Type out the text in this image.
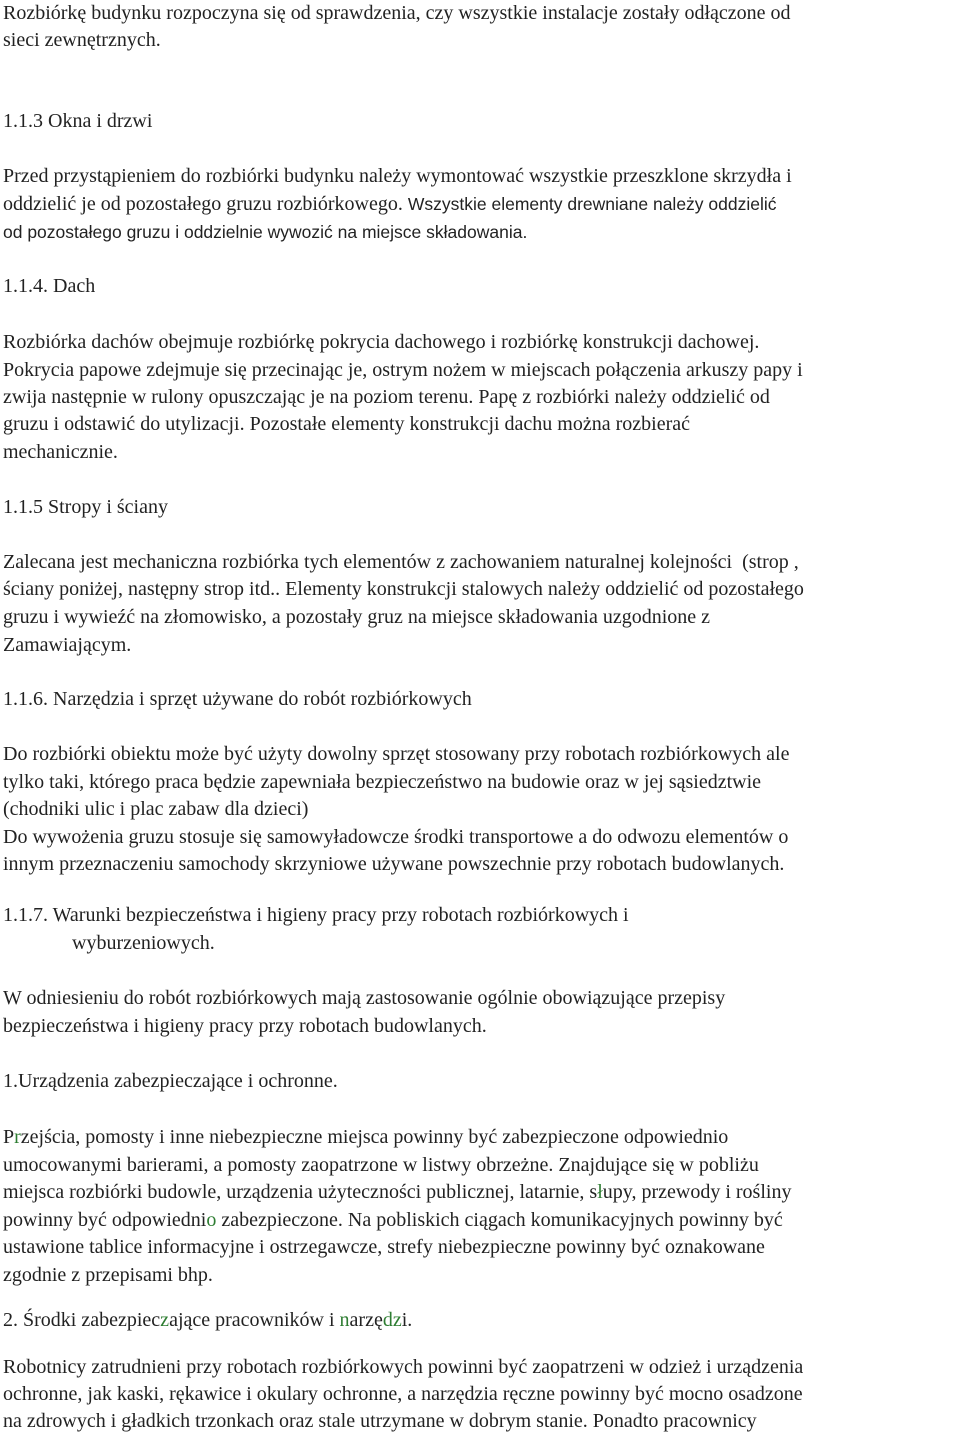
Rozbiórkę budynku rozpoczyna się od sprawdzenia, czy wszystkie instalacje zostały odłączone od
sieci zewnętrznych.
1.1.3 Okna i drzwi
Przed przystąpieniem do rozbiórki budynku należy wymontować wszystkie przeszklone skrzydła i
oddzielić je od pozostałego gruzu rozbiórkowego. Wszystkie elementy drewniane należy oddzielić
od pozostałego gruzu i oddzielnie wywozić na miejsce składowania.
1.1.4. Dach
Rozbiórka dachów obejmuje rozbiórkę pokrycia dachowego i rozbiórkę konstrukcji dachowej.
Pokrycia papowe zdejmuje się przecinając je, ostrym nożem w miejscach połączenia arkuszy papy i
zwija następnie w rulony opuszczając je na poziom terenu. Papę z rozbiórki należy oddzielić od
gruzu i odstawić do utylizacji. Pozostałe elementy konstrukcji dachu można rozbierać
mechanicznie.
1.1.5 Stropy i ściany
Zalecana jest mechaniczna rozbiórka tych elementów z zachowaniem naturalnej kolejności  (strop ,
ściany poniżej, następny strop itd.. Elementy konstrukcji stalowych należy oddzielić od pozostałego
gruzu i wywieźć na złomowisko, a pozostały gruz na miejsce składowania uzgodnione z
Zamawiającym.
1.1.6. Narzędzia i sprzęt używane do robót rozbiórkowych
Do rozbiórki obiektu może być użyty dowolny sprzęt stosowany przy robotach rozbiórkowych ale
tylko taki, którego praca będzie zapewniała bezpieczeństwo na budowie oraz w jej sąsiedztwie
(chodniki ulic i plac zabaw dla dzieci)
Do wywożenia gruzu stosuje się samowyładowcze środki transportowe a do odwozu elementów o
innym przeznaczeniu samochody skrzyniowe używane powszechnie przy robotach budowlanych.
1.1.7. Warunki bezpieczeństwa i higieny pracy przy robotach rozbiórkowych i
wyburzeniowych.
W odniesieniu do robót rozbiórkowych mają zastosowanie ogólnie obowiązujące przepisy
bezpieczeństwa i higieny pracy przy robotach budowlanych.
1.Urządzenia zabezpieczające i ochronne.
Przejścia, pomosty i inne niebezpieczne miejsca powinny być zabezpieczone odpowiednio
umocowanymi barierami, a pomosty zaopatrzone w listwy obrzeżne. Znajdujące się w pobliżu
miejsca rozbiórki budowle, urządzenia użyteczności publicznej, latarnie, słupy, przewody i rośliny
powinny być odpowiednio zabezpieczone. Na pobliskich ciągach komunikacyjnych powinny być
ustawione tablice informacyjne i ostrzegawcze, strefy niebezpieczne powinny być oznakowane
zgodnie z przepisami bhp.
2. Środki zabezpieczające pracowników i narzędzi.
Robotnicy zatrudnieni przy robotach rozbiórkowych powinni być zaopatrzeni w odzież i urządzenia
ochronne, jak kaski, rękawice i okulary ochronne, a narzędzia ręczne powinny być mocno osadzone
na zdrowych i gładkich trzonkach oraz stale utrzymane w dobrym stanie. Ponadto pracownicy
